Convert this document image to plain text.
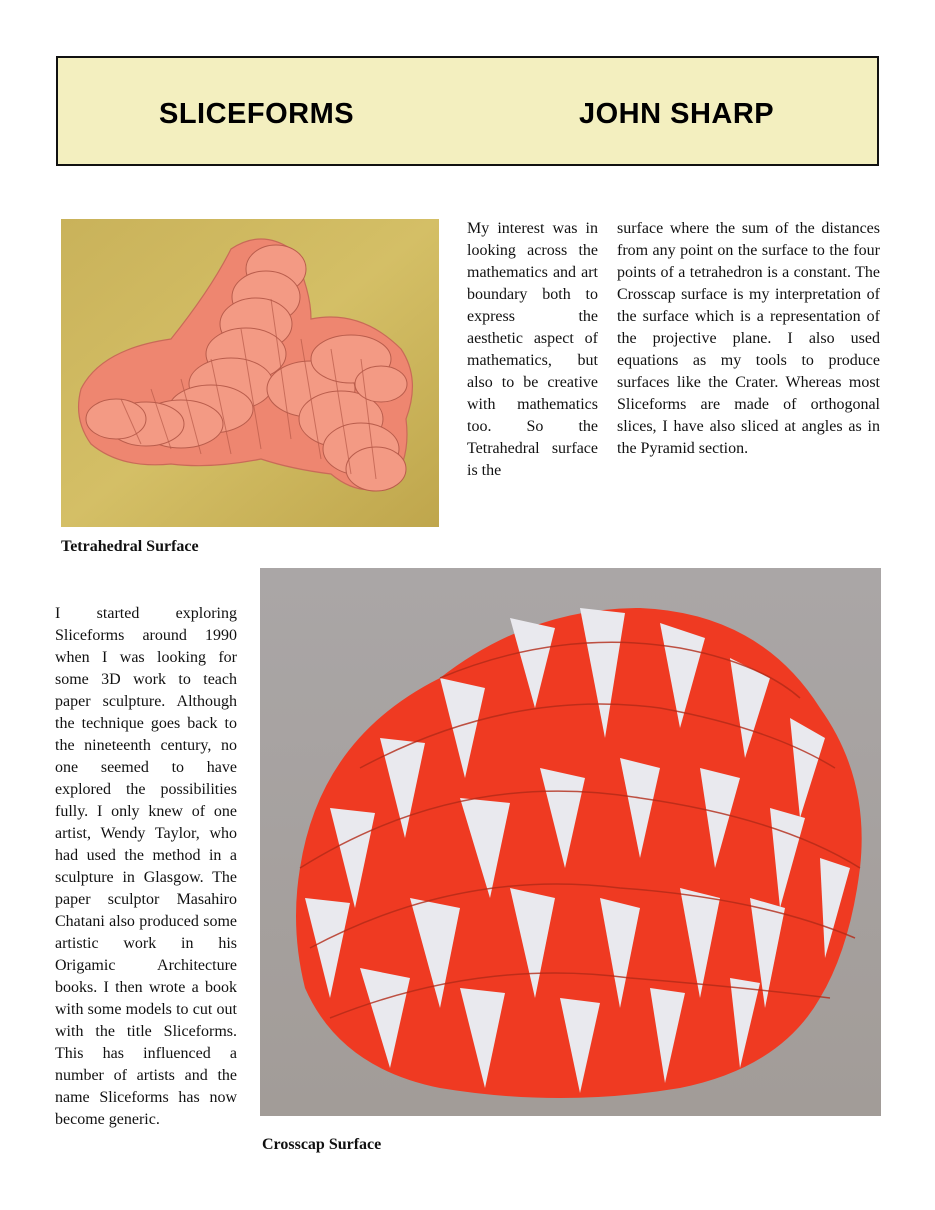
SLICEFORMS	JOHN SHARP
Tetrahedral Surface
My interest was in looking across the mathematics and art boundary both to express the aesthetic aspect of mathematics, but also to be creative with mathematics too. So the Tetrahedral surface is the
surface where the sum of the distances from any point on the surface to the four points of a tetrahedron is a constant. The Crosscap surface is my interpretation of the surface which is a representation of the projective plane. I also used equations as my tools to produce surfaces like the Crater. Whereas most Sliceforms are made of orthogonal slices, I have also sliced at angles as in the Pyramid section.
I started exploring Sliceforms around 1990 when I was looking for some 3D work to teach paper sculpture. Although the technique goes back to the nineteenth century, no one seemed to have explored the possibilities fully. I only knew of one artist, Wendy Taylor, who had used the method in a sculpture in Glasgow. The paper sculptor Masahiro Chatani also produced some artistic work in his Origamic Architecture books. I then wrote a book with some models to cut out with the title Sliceforms. This has influenced a number of artists and the name Sliceforms has now become generic.
Crosscap Surface
